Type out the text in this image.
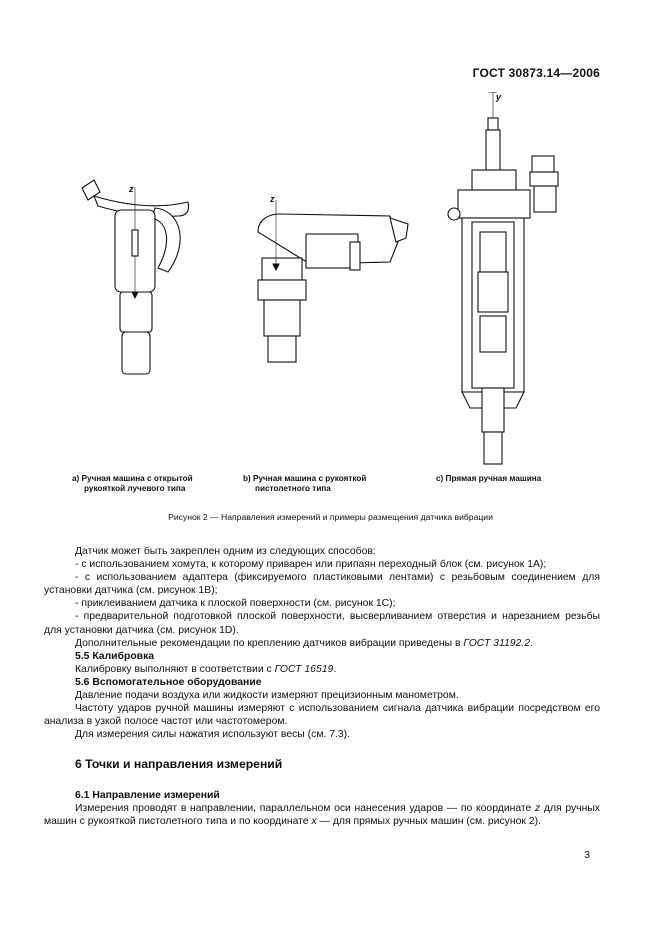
ГОСТ 30873.14—2006
z
z
y
а) Ручная машина с открытой
рукояткой лучевого типа
b) Ручная машина с рукояткой
пистолетного типа
с) Прямая ручная машина
Рисунок 2 — Направления измерений и примеры размещения датчика вибрации

Датчик может быть закреплен одним из следующих способов:

- с использованием хомута, к которому приварен или припаян переходный блок (см. рисунок 1А);

- с использованием адаптера (фиксируемого пластиковыми лентами) с резьбовым соединением для установки датчика (см. рисунок 1В);

- приклеиванием датчика к плоской поверхности (см. рисунок 1С);

- предварительной подготовкой плоской поверхности, высверливанием отверстия и нарезанием резьбы для установки датчика (см. рисунок 1D).

Дополнительные рекомендации по креплению датчиков вибрации приведены в ГОСТ 31192.2.

5.5 Калибровка

Калибровку выполняют в соответствии с ГОСТ 16519.

5.6 Вспомогательное оборудование

Давление подачи воздуха или жидкости измеряют прецизионным манометром.

Частоту ударов ручной машины измеряют с использованием сигнала датчика вибрации посредством его анализа в узкой полосе частот или частотомером.

Для измерения силы нажатия используют весы (см. 7.3).

6 Точки и направления измерений
6.1 Направление измерений

Измерения проводят в направлении, параллельном оси нанесения ударов — по координате z для ручных машин с рукояткой пистолетного типа и по координате x — для прямых ручных машин (см. рисунок 2).

3
